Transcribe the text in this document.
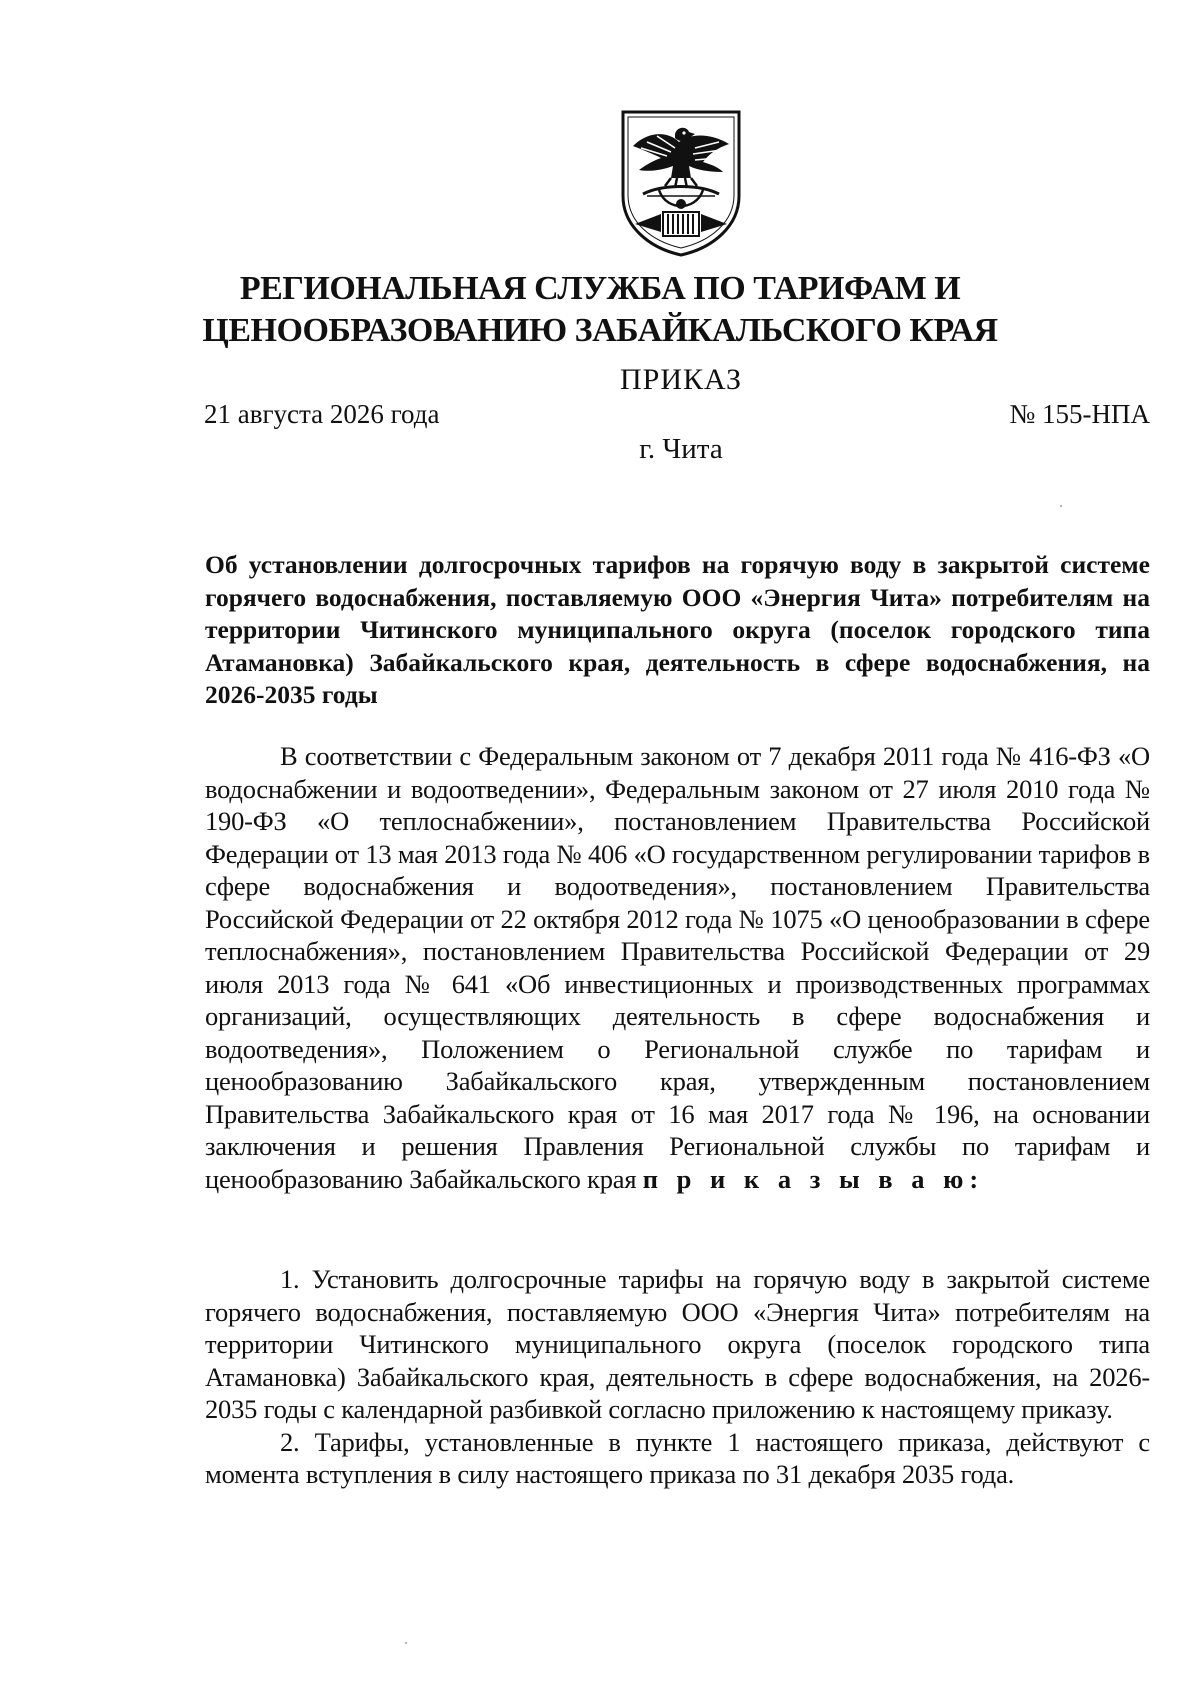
РЕГИОНАЛЬНАЯ СЛУЖБА ПО ТАРИФАМ И
ЦЕНООБРАЗОВАНИЮ ЗАБАЙКАЛЬСКОГО КРАЯ
ПРИКАЗ
21 августа 2026 года	№ 155-НПА
г. Чита
Об установлении долгосрочных тарифов на горячую воду в закрытой системе горячего водоснабжения, поставляемую ООО «Энергия Чита» потребителям на территории Читинского муниципального округа (поселок городского типа Атамановка) Забайкальского края, деятельность в сфере водоснабжения, на 2026-2035 годы

В соответствии с Федеральным законом от 7 декабря 2011 года № 416-ФЗ «О водоснабжении и водоотведении», Федеральным законом от 27 июля 2010 года № 190-ФЗ «О теплоснабжении», постановлением Правительства Российской Федерации от 13 мая 2013 года № 406 «О государственном регулировании тарифов в сфере водоснабжения и водоотведения», постановлением Правительства Российской Федерации от 22 октября 2012 года № 1075 «О ценообразовании в сфере теплоснабжения», постановлением Правительства Российской Федерации от 29 июля 2013 года № 641 «Об инвестиционных и производственных программах организаций, осуществляющих деятельность в сфере водоснабжения и водоотведения», Положением о Региональной службе по тарифам и ценообразованию Забайкальского края, утвержденным постановлением Правительства Забайкальского края от 16 мая 2017 года № 196, на основании заключения и решения Правления Региональной службы по тарифам и ценообразованию Забайкальского края п р и к а з ы в а ю:

1. Установить долгосрочные тарифы на горячую воду в закрытой системе горячего водоснабжения, поставляемую ООО «Энергия Чита» потребителям на территории Читинского муниципального округа (поселок городского типа Атамановка) Забайкальского края, деятельность в сфере водоснабжения, на 2026-2035 годы с календарной разбивкой согласно приложению к настоящему приказу.

2. Тарифы, установленные в пункте 1 настоящего приказа, действуют с момента вступления в силу настоящего приказа по 31 декабря 2035 года.
